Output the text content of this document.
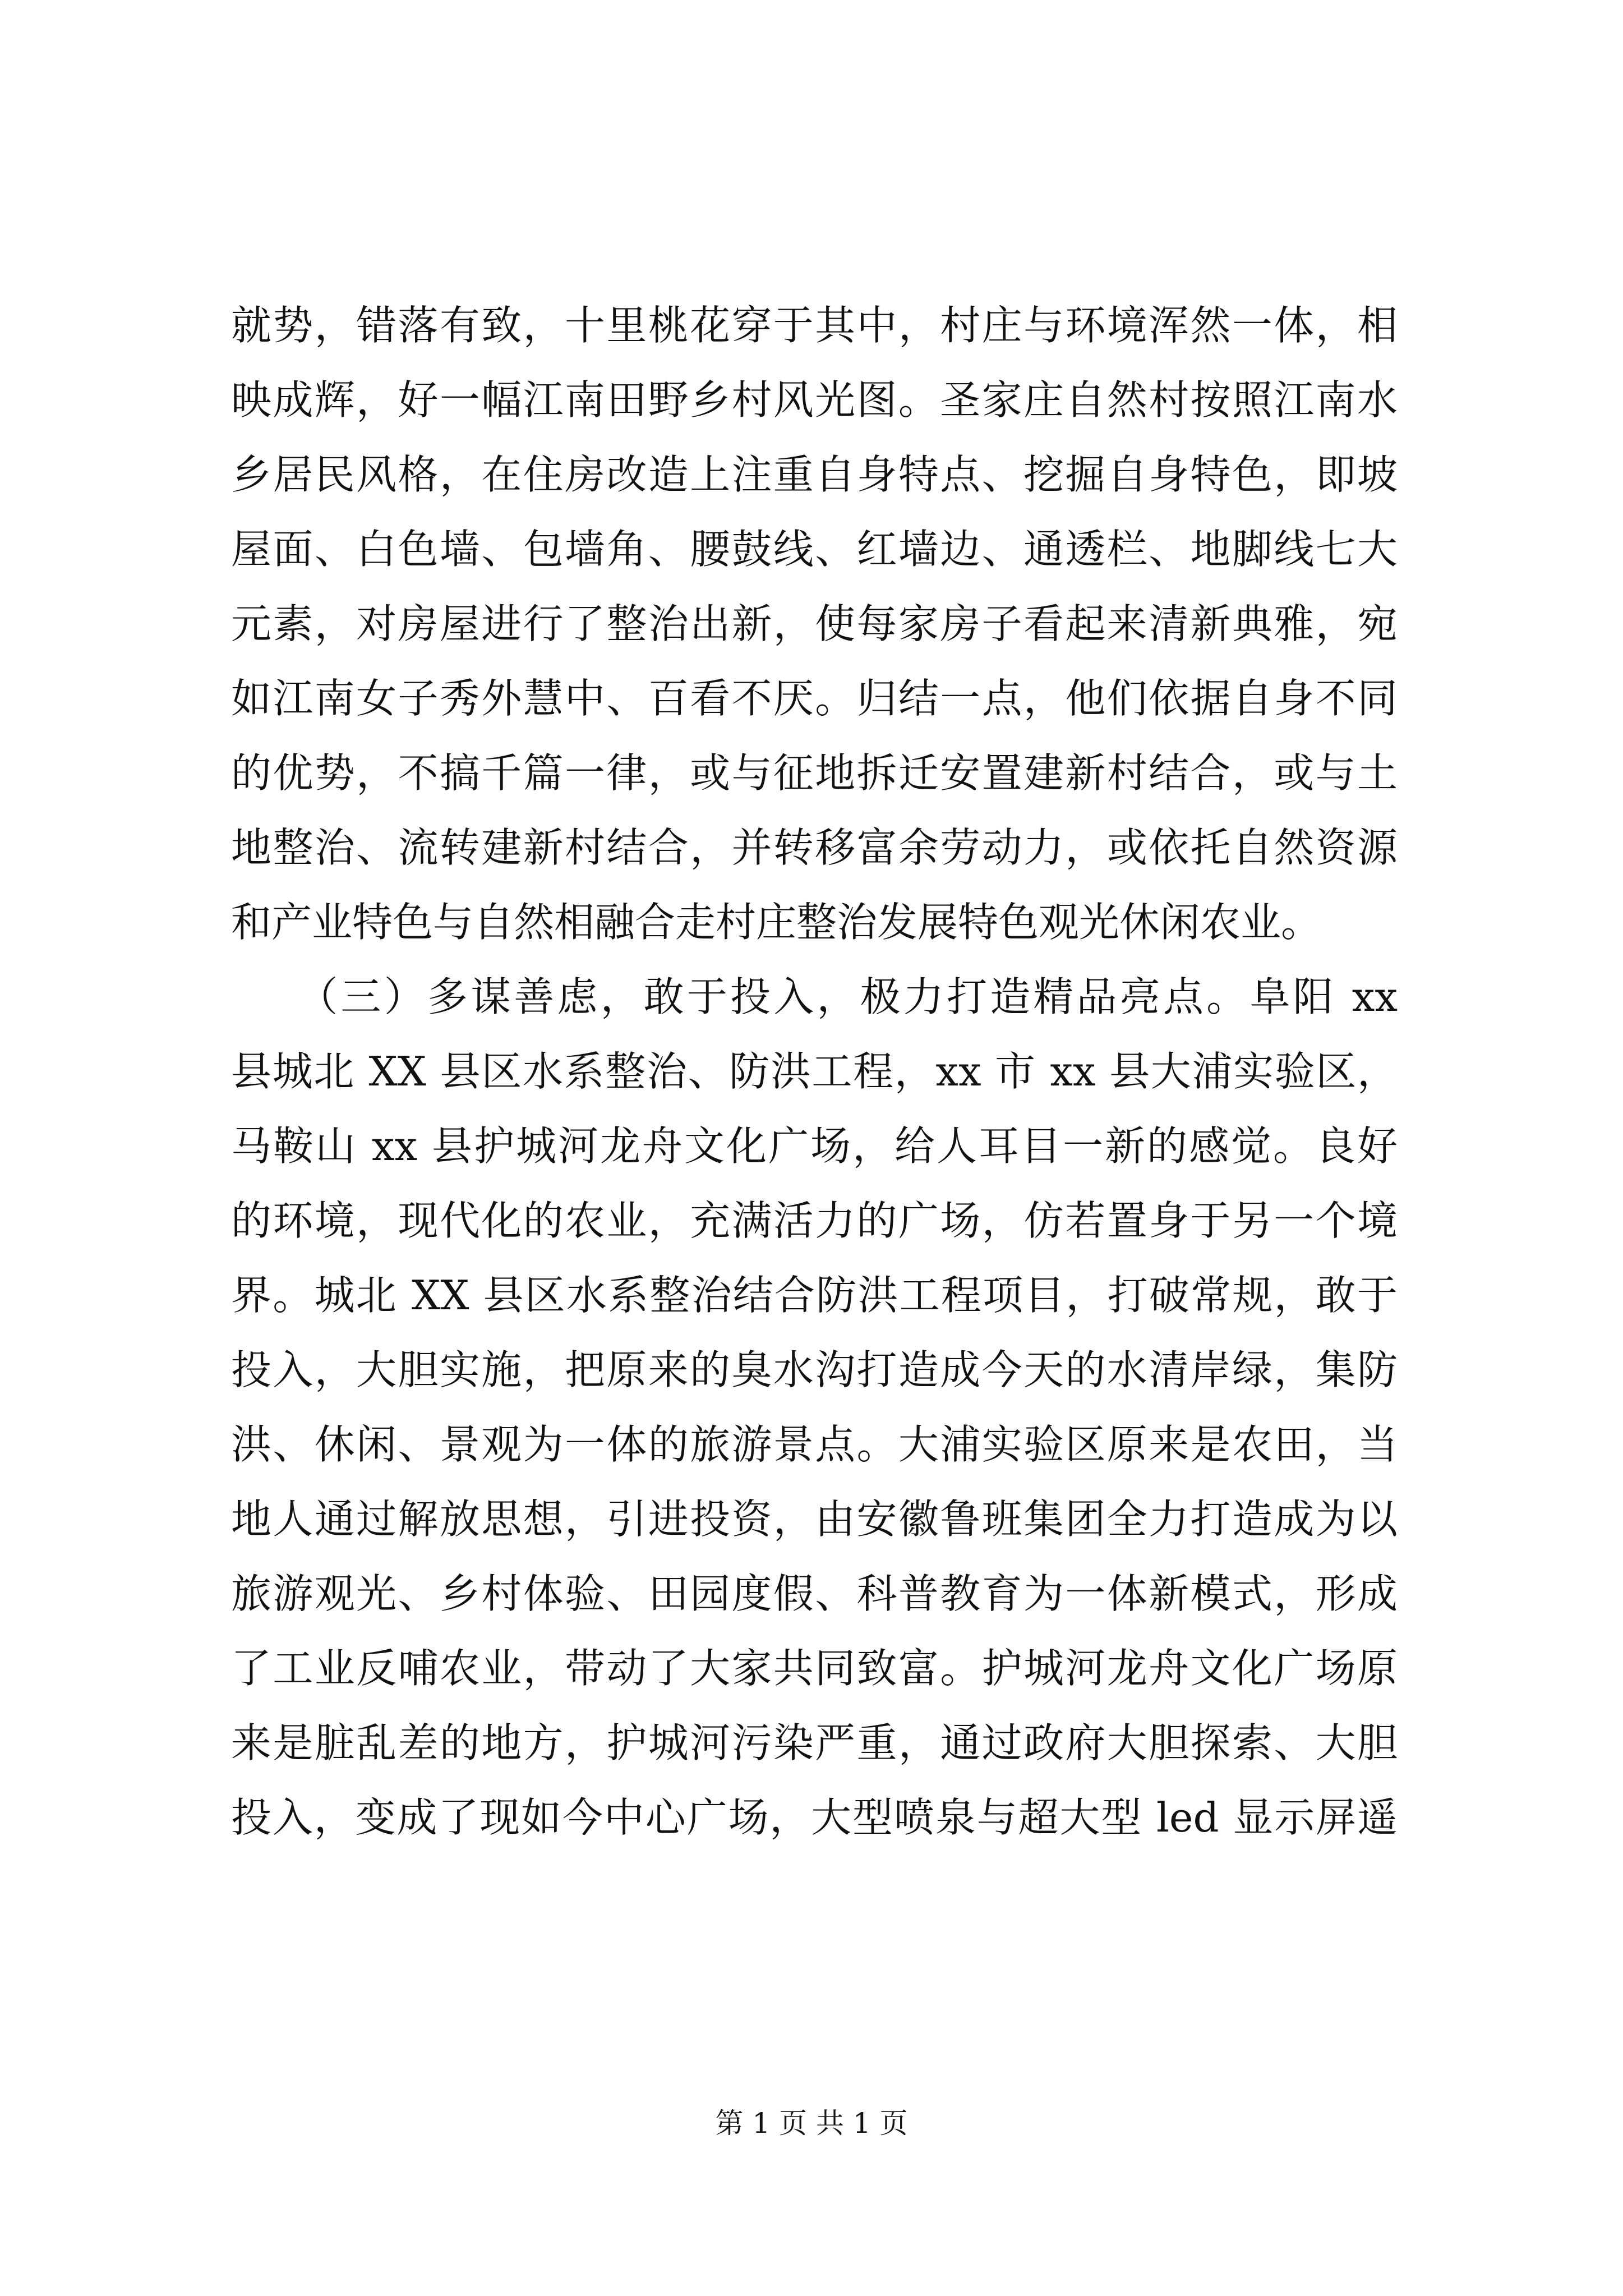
就势，错落有致，十里桃花穿于其中，村庄与环境浑然一体，相
映成辉，好一幅江南田野乡村风光图。圣家庄自然村按照江南水
乡居民风格，在住房改造上注重自身特点、挖掘自身特色，即坡
屋面、白色墙、包墙角、腰鼓线、红墙边、通透栏、地脚线七大
元素，对房屋进行了整治出新，使每家房子看起来清新典雅，宛
如江南女子秀外慧中、百看不厌。归结一点，他们依据自身不同
的优势，不搞千篇一律，或与征地拆迁安置建新村结合，或与土
地整治、流转建新村结合，并转移富余劳动力，或依托自然资源
和产业特色与自然相融合走村庄整治发展特色观光休闲农业。
　　（三）多谋善虑，敢于投入，极力打造精品亮点。阜阳 xx
县城北 XX 县区水系整治、防洪工程，xx 市 xx 县大浦实验区，
马鞍山 xx 县护城河龙舟文化广场，给人耳目一新的感觉。良好
的环境，现代化的农业，充满活力的广场，仿若置身于另一个境
界。城北 XX 县区水系整治结合防洪工程项目，打破常规，敢于
投入，大胆实施，把原来的臭水沟打造成今天的水清岸绿，集防
洪、休闲、景观为一体的旅游景点。大浦实验区原来是农田，当
地人通过解放思想，引进投资，由安徽鲁班集团全力打造成为以
旅游观光、乡村体验、田园度假、科普教育为一体新模式，形成
了工业反哺农业，带动了大家共同致富。护城河龙舟文化广场原
来是脏乱差的地方，护城河污染严重，通过政府大胆探索、大胆
投入，变成了现如今中心广场，大型喷泉与超大型 led 显示屏遥
第 1 页 共 1 页
